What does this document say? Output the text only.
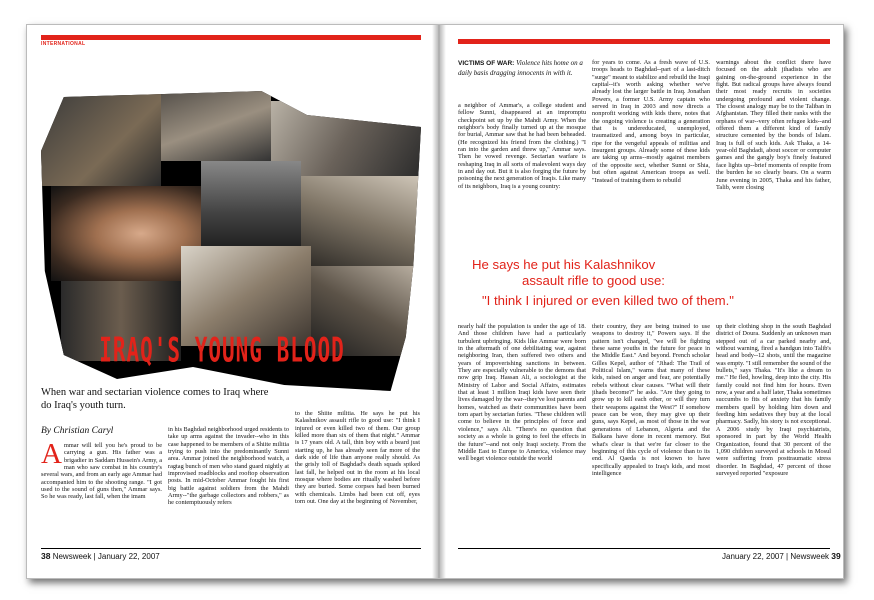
INTERNATIONAL
IRAQ'S YOUNG BLOOD
When war and sectarian violence comes to Iraq where do Iraq's youth turn.
By Christian Caryl
Ammar will tell you he's proud to be carrying a gun. His father was a brigadier in Saddam Hussein's Army, a man who saw combat in his country's several wars, and from an early age Ammar had accompanied him to the shooting range. "I got used to the sound of guns then," Ammar says. So he was ready, last fall, when the imam
in his Baghdad neighborhood urged residents to take up arms against the invader--who in this case happened to be members of a Shiite militia trying to push into the predominantly Sunni area. Ammar joined the neighborhood watch, a ragtag bunch of men who stand guard nightly at improvised roadblocks and rooftop observation posts. In mid-October Ammar fought his first big battle against soldiers from the Mahdi Army--"the garbage collectors and robbers," as he contemptuously refers
to the Shiite militia. He says he put his Kalashnikov assault rifle to good use: "I think I injured or even killed two of them. Our group killed more than six of them that night." Ammar is 17 years old. A tall, thin boy with a beard just starting up, he has already seen far more of the dark side of life than anyone really should. As the grisly toll of Baghdad's death squads spiked last fall, he helped out in the room at his local mosque where bodies are ritually washed before they are buried. Some corpses had been burned with chemicals. Limbs had been cut off, eyes torn out. One day at the beginning of November,
38 Newsweek | January 22, 2007
VICTIMS OF WAR: Violence hits home on a daily basis dragging innocents in with it.
a neighbor of Ammar's, a college student and fellow Sunni, disappeared at an impromptu checkpoint set up by the Mahdi Army. When the neighbor's body finally turned up at the mosque for burial, Ammar saw that he had been beheaded. (He recognized his friend from the clothing.) "I ran into the garden and threw up," Ammar says. Then he vowed revenge. Sectarian warfare is reshaping Iraq in all sorts of malevolent ways day in and day out. But it is also forging the future by poisoning the next generation of Iraqis. Like many of its neighbors, Iraq is a young country:
for years to come. As a fresh wave of U.S. troops heads to Baghdad--part of a last-ditch "surge" meant to stabilize and rebuild the Iraqi capital--it's worth asking whether we've already lost the larger battle in Iraq. Jonathan Powers, a former U.S. Army captain who served in Iraq in 2003 and now directs a nonprofit working with kids there, notes that the ongoing violence is creating a generation that is undereducated, unemployed, traumatized and, among boys in particular, ripe for the vengeful appeals of militias and insurgent groups. Already some of these kids are taking up arms--mostly against members of the opposite sect, whether Sunni or Shia, but often against American troops as well. "Instead of training them to rebuild
warnings about the conflict there have focused on the adult jihadists who are gaining on-the-ground experience in the fight. But radical groups have always found their most ready recruits in societies undergoing profound and violent change. The closest analogy may be to the Taliban in Afghanistan. They filled their ranks with the orphans of war--very often refugee kids--and offered them a different kind of family structure cemented by the bonds of Islam. Iraq is full of such kids. Ask Thaka, a 14-year-old Baghdadi, about soccer or computer games and the gangly boy's finely featured face lights up--brief moments of respite from the burden he so clearly bears. On a warm June evening in 2005, Thaka and his father, Talib, were closing
He says he put his Kalashnikov
assault rifle to good use:
"I think I injured or even killed two of them."
nearly half the population is under the age of 18. And those children have had a particularly turbulent upbringing. Kids like Ammar were born in the aftermath of one debilitating war, against neighboring Iran, then suffered two others and years of impoverishing sanctions in between. They are especially vulnerable to the demons that now grip Iraq. Hassan Ali, a sociologist at the Ministry of Labor and Social Affairs, estimates that at least 1 million Iraqi kids have seen their lives damaged by the war--they've lost parents and homes, watched as their communities have been torn apart by sectarian furies. "These children will come to believe in the principles of force and violence," says Ali. "There's no question that society as a whole is going to feel the effects in the future"--and not only Iraqi society. From the Middle East to Europe to America, violence may well beget violence outside the world
their country, they are being trained to use weapons to destroy it," Powers says. If the pattern isn't changed, "we will be fighting these same youths in the future for peace in the Middle East." And beyond. French scholar Gilles Kepel, author of "Jihad: The Trail of Political Islam," warns that many of these kids, raised on anger and fear, are potentially rebels without clear causes. "What will their jihads become?" he asks. "Are they going to grow up to kill each other, or will they turn their weapons against the West?" If somehow peace can be won, they may give up their guns, says Kepel, as most of those in the war generations of Lebanon, Algeria and the Balkans have done in recent memory. But what's clear is that we're far closer to the beginning of this cycle of violence than to its end. Al Qaeda is not known to have specifically appealed to Iraq's kids, and most intelligence
up their clothing shop in the south Baghdad district of Doura. Suddenly an unknown man stepped out of a car parked nearby and, without warning, fired a handgun into Talib's head and body--12 shots, until the magazine was empty. "I still remember the sound of the bullets," says Thaka. "It's like a dream to me." He fled, howling, deep into the city. His family could not find him for hours. Even now, a year and a half later, Thaka sometimes succumbs to fits of anxiety that his family members quell by holding him down and feeding him sedatives they buy at the local pharmacy. Sadly, his story is not exceptional. A 2006 study by Iraqi psychiatrists, sponsored in part by the World Health Organization, found that 30 percent of the 1,090 children surveyed at schools in Mosul were suffering from posttraumatic stress disorder. In Baghdad, 47 percent of those surveyed reported "exposure
January 22, 2007 | Newsweek 39
